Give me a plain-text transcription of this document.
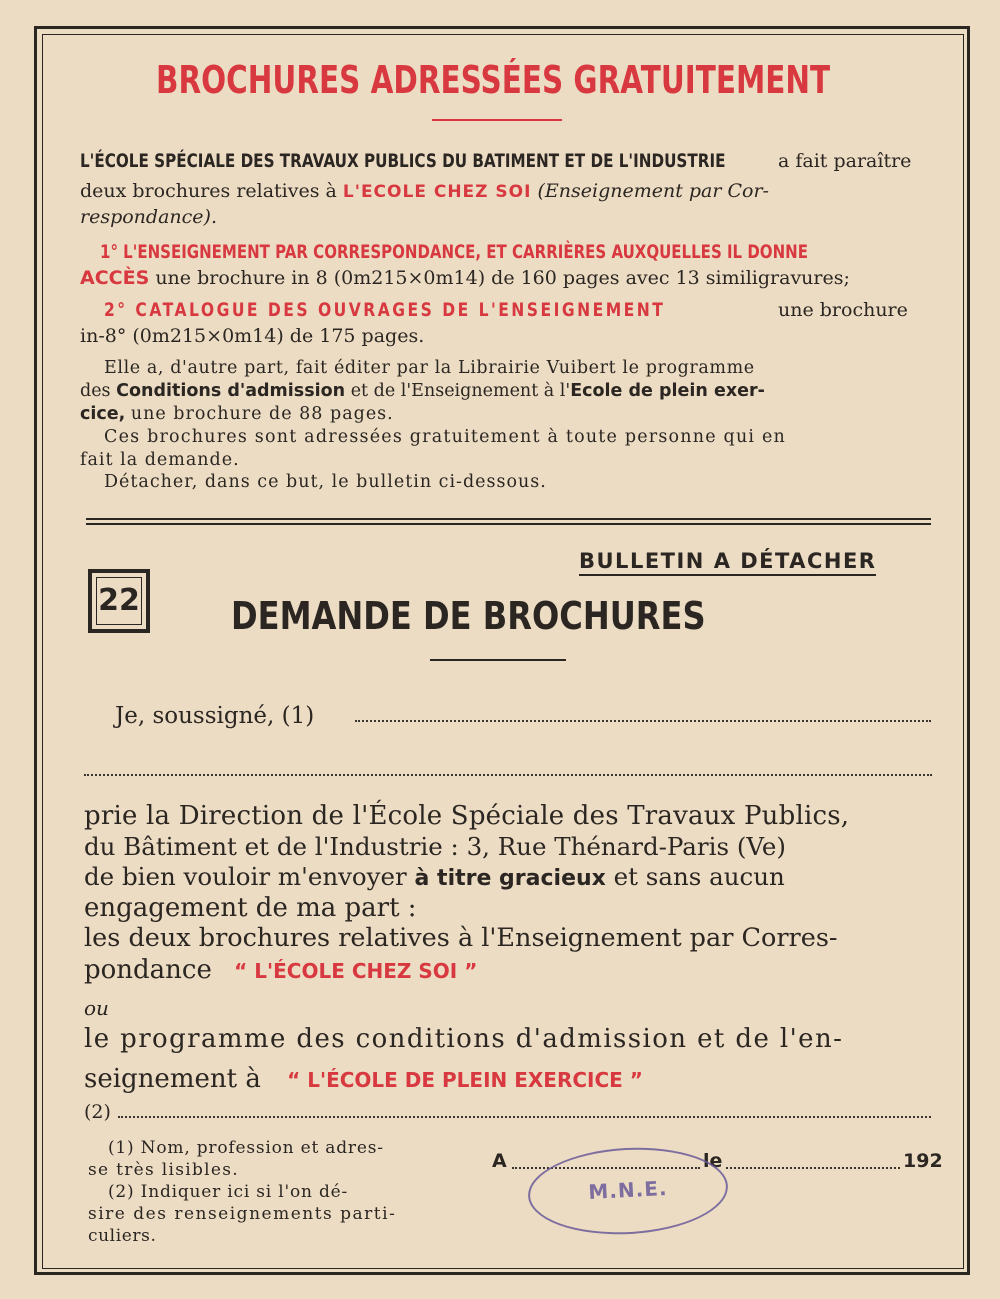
BROCHURES ADRESSÉES GRATUITEMENT
L'ÉCOLE SPÉCIALE DES TRAVAUX PUBLICS DU BATIMENT ET DE L'INDUSTRIE	a fait paraître
deux brochures relatives à L'ECOLE CHEZ SOI (Enseignement par Cor-
respondance).
1° L'ENSEIGNEMENT PAR CORRESPONDANCE, ET CARRIÈRES AUXQUELLES IL DONNE
ACCÈS une brochure in 8 (0m215×0m14) de 160 pages avec 13 similigravures;
2° CATALOGUE DES OUVRAGES DE L'ENSEIGNEMENT	une brochure
in-8° (0m215×0m14) de 175 pages.
Elle a, d'autre part, fait éditer par la Librairie Vuibert le programme
des Conditions d'admission et de l'Enseignement à l'Ecole de plein exer-
cice, une brochure de 88 pages.
Ces brochures sont adressées gratuitement à toute personne qui en
fait la demande.
Détacher, dans ce but, le bulletin ci-dessous.
BULLETIN A DÉTACHER
22 DEMANDE DE BROCHURES
Je, soussigné, (1)
prie la Direction de l'École Spéciale des Travaux Publics,
du Bâtiment et de l'Industrie : 3, Rue Thénard-Paris (Ve)
de bien vouloir m'envoyer à titre gracieux et sans aucun
engagement de ma part :
les deux brochures relatives à l'Enseignement par Corres-
pondance “ L'ÉCOLE CHEZ SOI ”
ou
le programme des conditions d'admission et de l'en-
seignement à “ L'ÉCOLE DE PLEIN EXERCICE ”
(2)
(1) Nom, profession et adres-
se très lisibles.
(2) Indiquer ici si l'on dé-
sire des renseignements parti-
culiers.
A	le	192
M.N.E.
